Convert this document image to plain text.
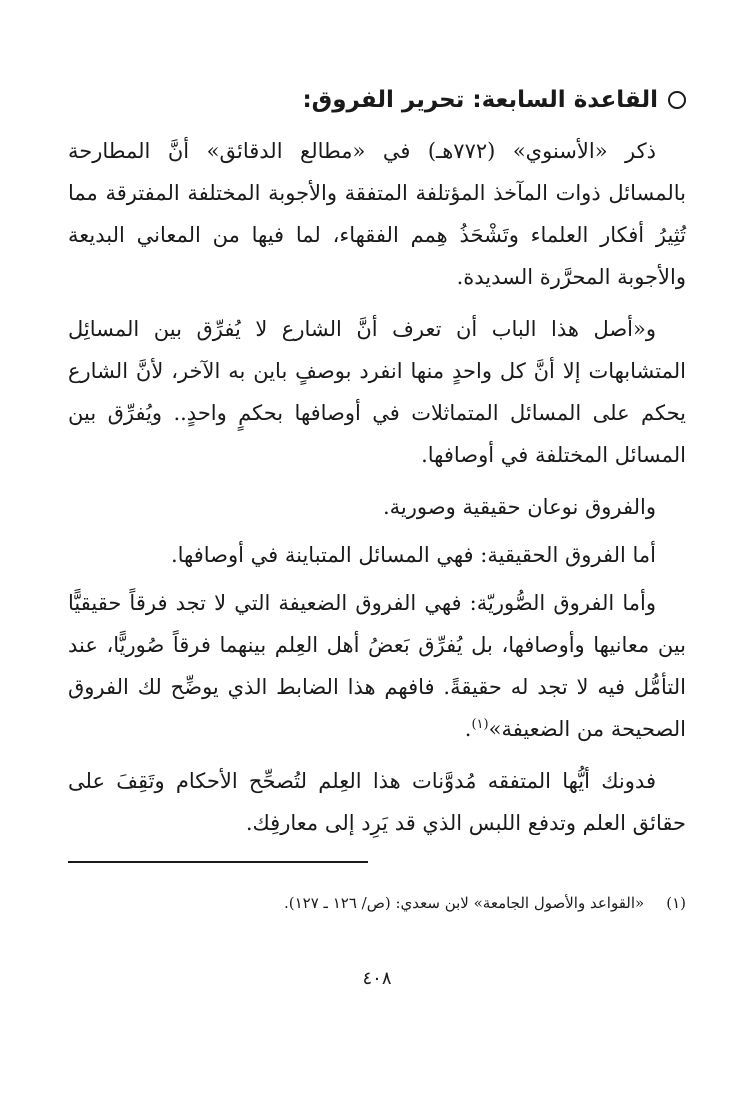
القاعدة السابعة: تحرير الفروق:

ذكر «الأسنوي» (٧٧٢هـ) في «مطالع الدقائق» أنَّ المطارحة بالمسائل ذوات المآخذ المؤتلفة المتفقة والأجوبة المختلفة المفترقة مما تُثِيرُ أفكار العلماء وتَشْحَذُ هِمم الفقهاء، لما فيها من المعاني البديعة والأجوبة المحرَّرة السديدة.

و«أصل هذا الباب أن تعرف أنَّ الشارع لا يُفرِّق بين المسائِل المتشابهات إلا أنَّ كل واحدٍ منها انفرد بوصفٍ باين به الآخر، لأنَّ الشارع يحكم على المسائل المتماثلات في أوصافها بحكمٍ واحدٍ.. ويُفرِّق بين المسائل المختلفة في أوصافها.

والفروق نوعان حقيقية وصورية.

أما الفروق الحقيقية: فهي المسائل المتباينة في أوصافها.

وأما الفروق الصُّوريّة: فهي الفروق الضعيفة التي لا تجد فرقاً حقيقيًّا بين معانيها وأوصافها، بل يُفرِّق بَعضُ أهل العِلم بينهما فرقاً صُوريًّا، عند التأمُّل فيه لا تجد له حقيقةً. فافهم هذا الضابط الذي يوضِّح لك الفروق الصحيحة من الضعيفة»$^{(١)}$.

فدونك أيُّها المتفقه مُدوَّنات هذا العِلم لتُصحِّح الأحكام وتَقِفَ على حقائق العلم وتدفع اللبس الذي قد يَرِد إلى معارفِك.

(١)
«القواعد والأصول الجامعة» لابن سعدي: (ص/ ١٢٦ ـ ١٢٧).
٤٠٨
